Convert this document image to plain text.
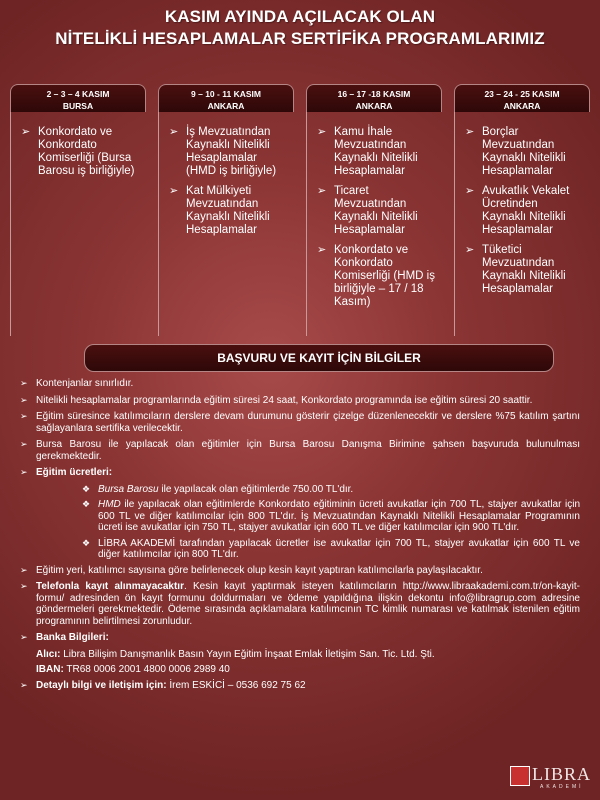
KASIM AYINDA AÇILACAK OLAN
NİTELİKLİ HESAPLAMALAR SERTİFİKA PROGRAMLARIMIZ
2 – 3 – 4 KASIM
BURSA
➢ Konkordato ve Konkordato Komiserliği (Bursa Barosu iş birliğiyle)
9 – 10 - 11 KASIM
ANKARA
➢ İş Mevzuatından Kaynaklı Nitelikli Hesaplamalar (HMD iş birliğiyle)
➢ Kat Mülkiyeti Mevzuatından Kaynaklı Nitelikli Hesaplamalar
16 – 17 -18 KASIM
ANKARA
➢ Kamu İhale Mevzuatından Kaynaklı Nitelikli Hesaplamalar
➢ Ticaret Mevzuatından Kaynaklı Nitelikli Hesaplamalar
➢ Konkordato ve Konkordato Komiserliği (HMD iş birliğiyle – 17 / 18 Kasım)
23 – 24 - 25 KASIM
ANKARA
➢ Borçlar Mevzuatından Kaynaklı Nitelikli Hesaplamalar
➢ Avukatlık Vekalet Ücretinden Kaynaklı Nitelikli Hesaplamalar
➢ Tüketici Mevzuatından Kaynaklı Nitelikli Hesaplamalar
BAŞVURU VE KAYIT İÇİN BİLGİLER
➢ Kontenjanlar sınırlıdır.
➢ Nitelikli hesaplamalar programlarında eğitim süresi 24 saat, Konkordato programında ise eğitim süresi 20 saattir.
➢ Eğitim süresince katılımcıların derslere devam durumunu gösterir çizelge düzenlenecektir ve derslere %75 katılım şartını sağlayanlara sertifika verilecektir.
➢ Bursa Barosu ile yapılacak olan eğitimler için Bursa Barosu Danışma Birimine şahsen başvuruda bulunulması gerekmektedir.
➢ Eğitim ücretleri:
❖ Bursa Barosu ile yapılacak olan eğitimlerde 750.00 TL'dır.
❖ HMD ile yapılacak olan eğitimlerde Konkordato eğitiminin ücreti avukatlar için 700 TL, stajyer avukatlar için 600 TL ve diğer katılımcılar için 800 TL'dır. İş Mevzuatından Kaynaklı Nitelikli Hesaplamalar Programının ücreti ise avukatlar için 750 TL, stajyer avukatlar için 600 TL ve diğer katılımcılar için 900 TL'dır.
❖ LİBRA AKADEMİ tarafından yapılacak ücretler ise avukatlar için 700 TL, stajyer avukatlar için 600 TL ve diğer katılımcılar için 800 TL'dır.
➢ Eğitim yeri, katılımcı sayısına göre belirlenecek olup kesin kayıt yaptıran katılımcılarla paylaşılacaktır.
➢ Telefonla kayıt alınmayacaktır. Kesin kayıt yaptırmak isteyen katılımcıların http://www.libraakademi.com.tr/on-kayit-formu/ adresinden ön kayıt formunu doldurmaları ve ödeme yapıldığına ilişkin dekontu info@libragrup.com adresine göndermeleri gerekmektedir. Ödeme sırasında açıklamalara katılımcının TC kimlik numarası ve katılmak istenilen eğitim programının belirtilmesi zorunludur.
➢ Banka Bilgileri:
Alıcı: Libra Bilişim Danışmanlık Basın Yayın Eğitim İnşaat Emlak İletişim San. Tic. Ltd. Şti.
IBAN: TR68 0006 2001 4800 0006 2989 40
➢ Detaylı bilgi ve iletişim için: İrem ESKİCİ – 0536 692 75 62
LIBRA
AKADEMİ
